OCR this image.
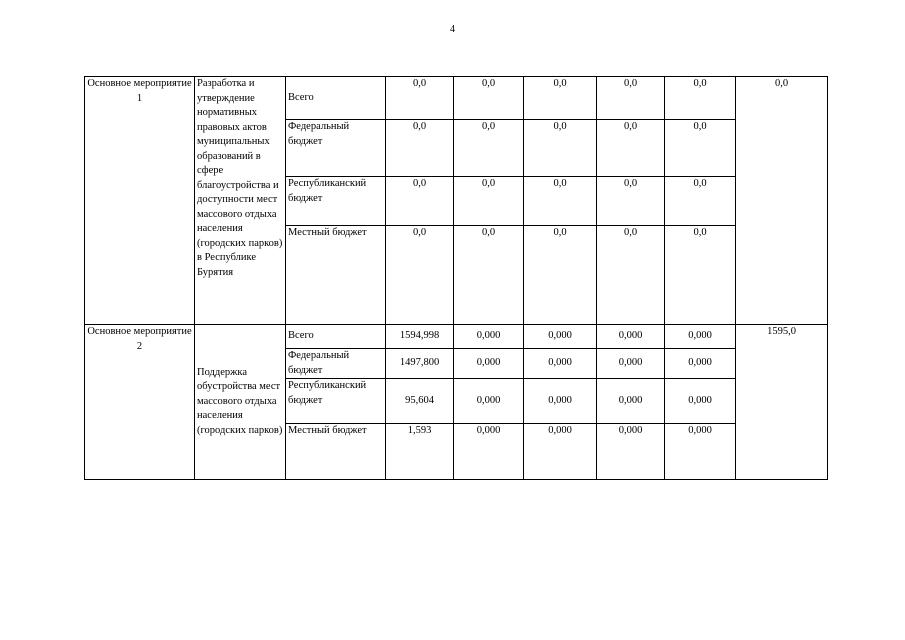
4
Основное мероприятие 1	Разработка и утверждение нормативных правовых актов муниципальных образований в сфере благоустройства и доступности мест массового отдыха населения (городских парков) в Республике Бурятия	Всего	0,0	0,0	0,0	0,0	0,0	0,0
		Федеральный бюджет	0,0	0,0	0,0	0,0	0,0	
		Республиканский бюджет	0,0	0,0	0,0	0,0	0,0	
		Местный бюджет	0,0	0,0	0,0	0,0	0,0	
Основное мероприятие 2	Поддержка обустройства мест массового отдыха населения (городских парков)	Всего	1594,998	0,000	0,000	0,000	0,000	1595,0
		Федеральный бюджет	1497,800	0,000	0,000	0,000	0,000	
		Республиканский бюджет	95,604	0,000	0,000	0,000	0,000	
		Местный бюджет	1,593	0,000	0,000	0,000	0,000	
